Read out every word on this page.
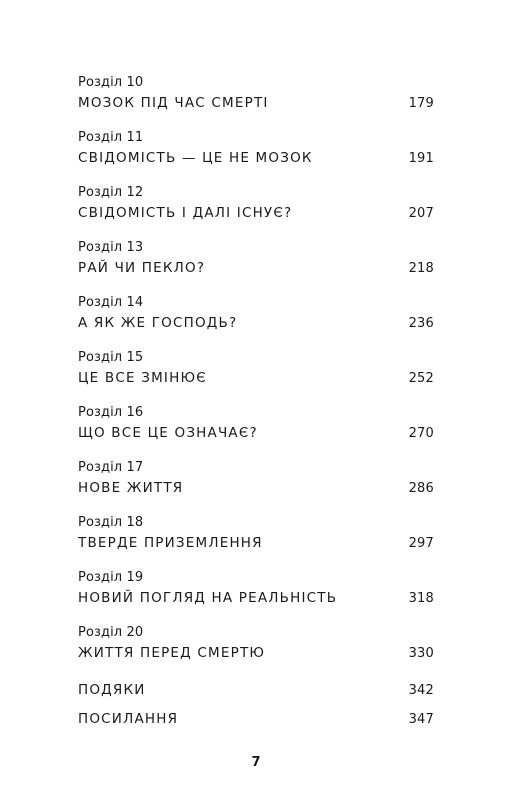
Розділ 10
МОЗОК ПІД ЧАС СМЕРТІ	179
Розділ 11
СВІДОМІСТЬ — ЦЕ НЕ МОЗОК	191
Розділ 12
СВІДОМІСТЬ І ДАЛІ ІСНУЄ?	207
Розділ 13
РАЙ ЧИ ПЕКЛО?	218
Розділ 14
А ЯК ЖЕ ГОСПОДЬ?	236
Розділ 15
ЦЕ ВСЕ ЗМІНЮЄ	252
Розділ 16
ЩО ВСЕ ЦЕ ОЗНАЧАЄ?	270
Розділ 17
НОВЕ ЖИТТЯ	286
Розділ 18
ТВЕРДЕ ПРИЗЕМЛЕННЯ	297
Розділ 19
НОВИЙ ПОГЛЯД НА РЕАЛЬНІСТЬ	318
Розділ 20
ЖИТТЯ ПЕРЕД СМЕРТЮ	330
ПОДЯКИ	342
ПОСИЛАННЯ	347
7
